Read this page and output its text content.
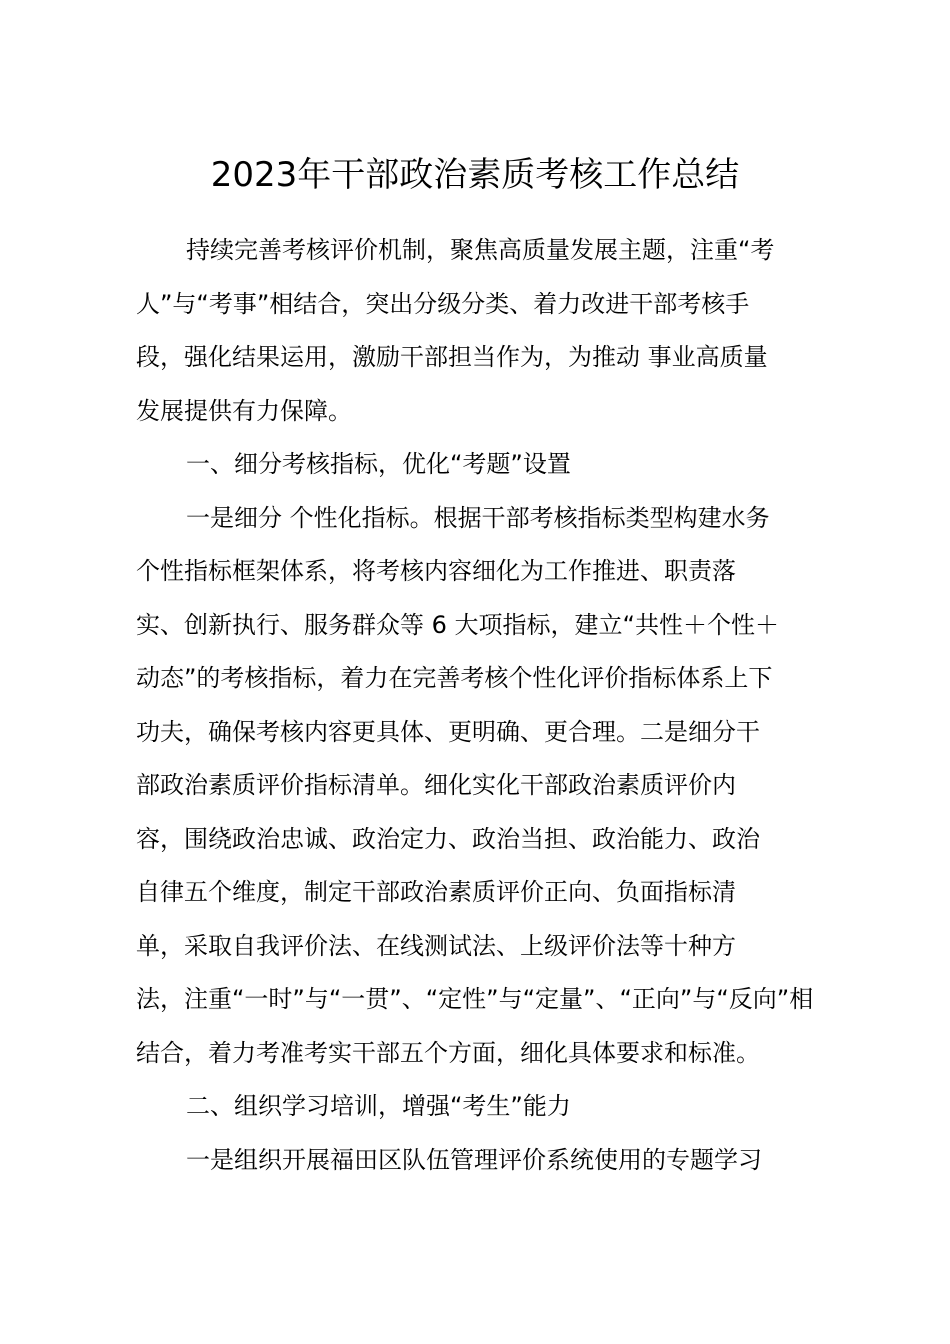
2023年干部政治素质考核工作总结
持续完善考核评价机制，聚焦高质量发展主题，注重“考
人”与“考事”相结合，突出分级分类、着力改进干部考核手
段，强化结果运用，激励干部担当作为，为推动 事业高质量
发展提供有力保障。
一、细分考核指标，优化“考题”设置
一是细分 个性化指标。根据干部考核指标类型构建水务
个性指标框架体系，将考核内容细化为工作推进、职责落
实、创新执行、服务群众等 6 大项指标，建立“共性＋个性＋
动态”的考核指标，着力在完善考核个性化评价指标体系上下
功夫，确保考核内容更具体、更明确、更合理。二是细分干
部政治素质评价指标清单。细化实化干部政治素质评价内
容，围绕政治忠诚、政治定力、政治当担、政治能力、政治
自律五个维度，制定干部政治素质评价正向、负面指标清
单，采取自我评价法、在线测试法、上级评价法等十种方
法，注重“一时”与“一贯”、“定性”与“定量”、“正向”与“反向”相
结合，着力考准考实干部五个方面，细化具体要求和标准。
二、组织学习培训，增强“考生”能力
一是组织开展福田区队伍管理评价系统使用的专题学习
